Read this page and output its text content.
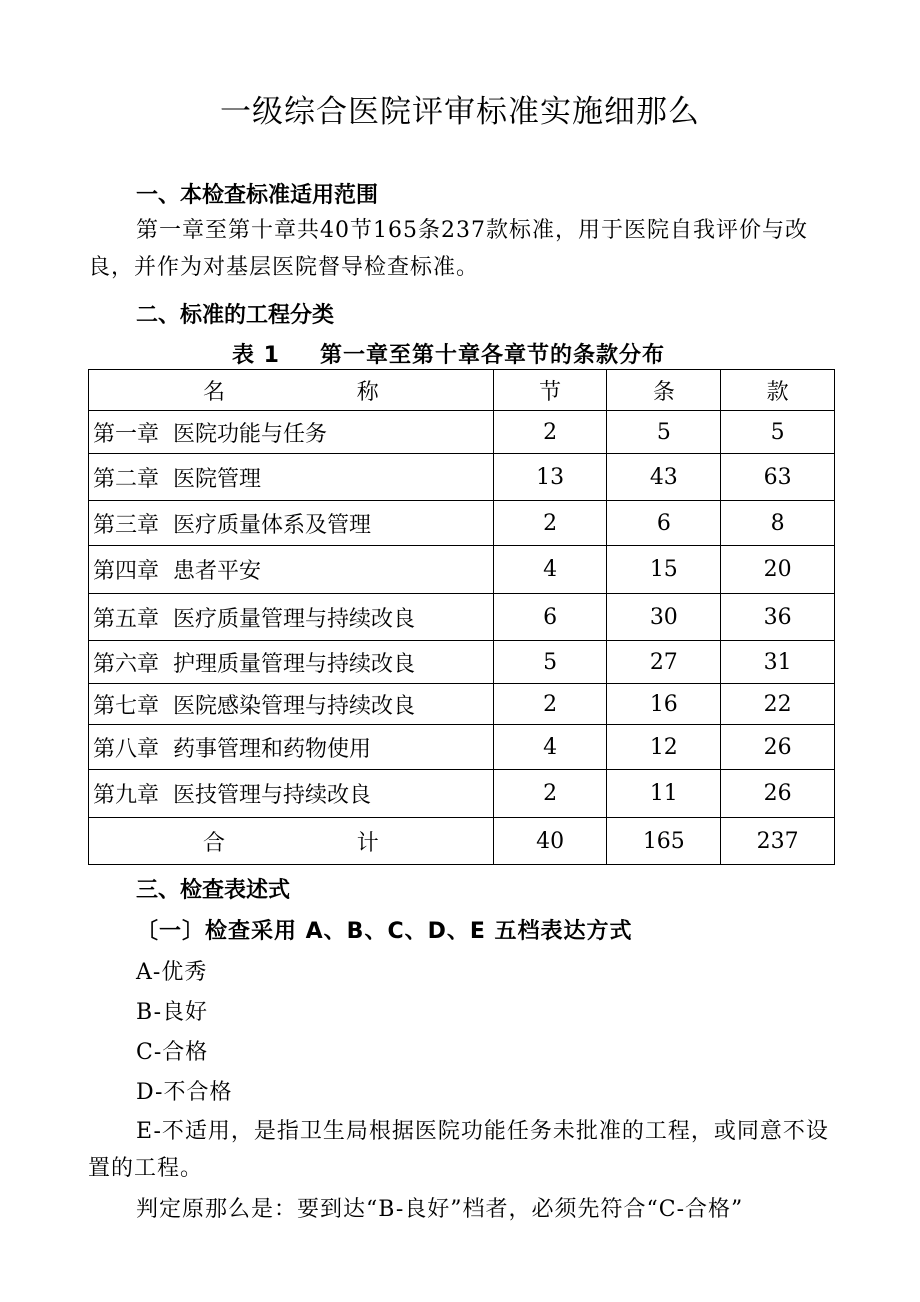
一级综合医院评审标准实施细那么
一、本检查标准适用范围

第一章至第十章共40节165条237款标准，用于医院自我评价与改良，并作为对基层医院督导检查标准。

二、标准的工程分类
表 1 第一章至第十章各章节的条款分布
名 称	节	条	款
第一章 医院功能与任务	2	5	5
第二章 医院管理	13	43	63
第三章 医疗质量体系及管理	2	6	8
第四章 患者平安	4	15	20
第五章 医疗质量管理与持续改良	6	30	36
第六章 护理质量管理与持续改良	5	27	31
第七章 医院感染管理与持续改良	2	16	22
第八章 药事管理和药物使用	4	12	26
第九章 医技管理与持续改良	2	11	26

合 计	40	165	237
三、检查表述式
〔一〕检查采用 A、B、C、D、E 五档表达方式
A-优秀
B-良好
C-合格
D-不合格

E-不适用，是指卫生局根据医院功能任务未批准的工程，或同意不设置的工程。

判定原那么是：要到达“B-良好”档者，必须先符合“C-合格”
